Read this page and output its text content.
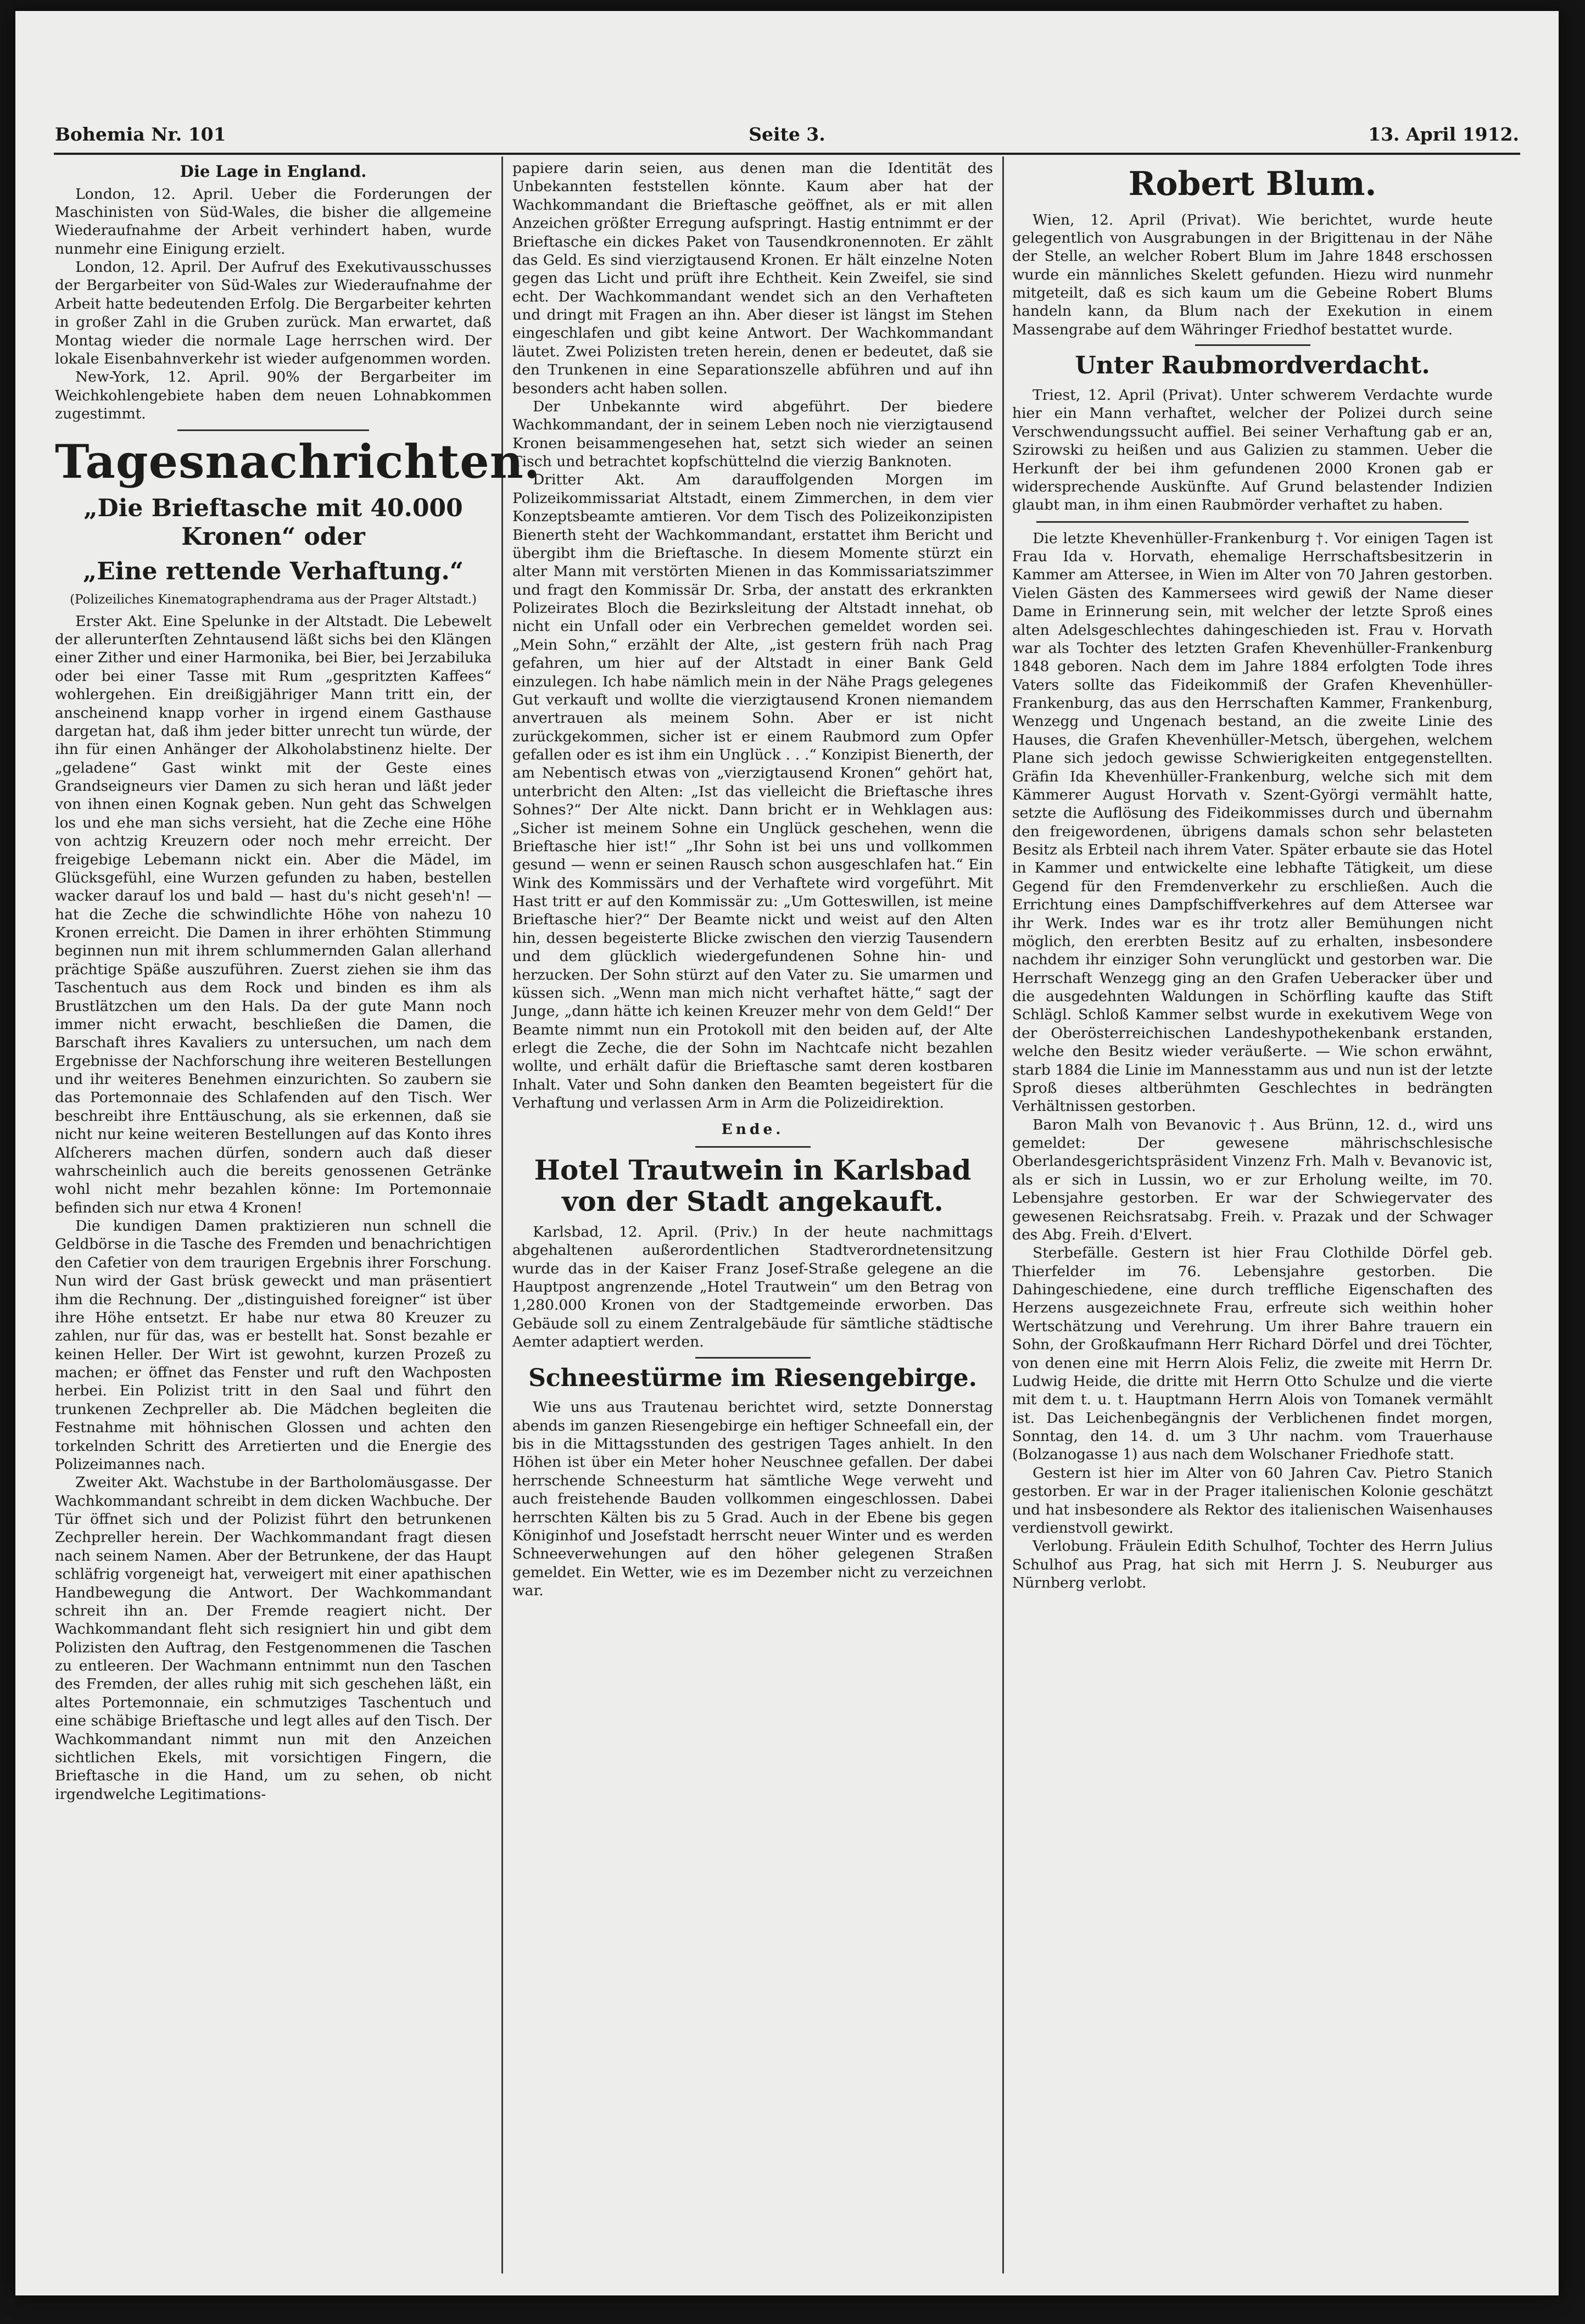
Bohemia Nr. 101	Seite 3.	13. April 1912.
Die Lage in England.

London, 12. April. Ueber die Forderungen der Maschinisten von Süd-Wales, die bisher die allgemeine Wiederaufnahme der Arbeit verhindert haben, wurde nunmehr eine Einigung erzielt.

London, 12. April. Der Aufruf des Exekutivausschusses der Bergarbeiter von Süd-Wales zur Wiederaufnahme der Arbeit hatte bedeutenden Erfolg. Die Bergarbeiter kehrten in großer Zahl in die Gruben zurück. Man erwartet, daß Montag wieder die normale Lage herrschen wird. Der lokale Eisenbahnverkehr ist wieder aufgenommen worden.

New-York, 12. April. 90% der Bergarbeiter im Weichkohlengebiete haben dem neuen Lohnabkommen zugestimmt.

Tagesnachrichten.
„Die Brieftasche mit 40.000 Kronen“ oder
„Eine rettende Verhaftung.“
(Polizeiliches Kinematographendrama aus der Prager Altstadt.)

Erster Akt. Eine Spelunke in der Altstadt. Die Lebewelt der allerunterſten Zehntausend läßt sichs bei den Klängen einer Zither und einer Harmonika, bei Bier, bei Jerzabiluka oder bei einer Tasse mit Rum „gespritzten Kaffees“ wohlergehen. Ein dreißigjähriger Mann tritt ein, der anscheinend knapp vorher in irgend einem Gasthause dargetan hat, daß ihm jeder bitter unrecht tun würde, der ihn für einen Anhänger der Alkoholabstinenz hielte. Der „geladene“ Gast winkt mit der Geste eines Grandseigneurs vier Damen zu sich heran und läßt jeder von ihnen einen Kognak geben. Nun geht das Schwelgen los und ehe man sichs versieht, hat die Zeche eine Höhe von achtzig Kreuzern oder noch mehr erreicht. Der freigebige Lebemann nickt ein. Aber die Mädel, im Glücksgefühl, eine Wurzen gefunden zu haben, bestellen wacker darauf los und bald — hast du's nicht geseh'n! — hat die Zeche die schwindlichte Höhe von nahezu 10 Kronen erreicht. Die Damen in ihrer erhöhten Stimmung beginnen nun mit ihrem schlummernden Galan allerhand prächtige Späße auszuführen. Zuerst ziehen sie ihm das Taschentuch aus dem Rock und binden es ihm als Brustlätzchen um den Hals. Da der gute Mann noch immer nicht erwacht, beschließen die Damen, die Barschaft ihres Kavaliers zu untersuchen, um nach dem Ergebnisse der Nachforschung ihre weiteren Bestellungen und ihr weiteres Benehmen einzurichten. So zaubern sie das Portemonnaie des Schlafenden auf den Tisch. Wer beschreibt ihre Enttäuschung, als sie erkennen, daß sie nicht nur keine weiteren Bestellungen auf das Konto ihres Alſcherers machen dürfen, sondern auch daß dieser wahrscheinlich auch die bereits genossenen Getränke wohl nicht mehr bezahlen könne: Im Portemonnaie befinden sich nur etwa 4 Kronen!

Die kundigen Damen praktizieren nun schnell die Geldbörse in die Tasche des Fremden und benachrichtigen den Cafetier von dem traurigen Ergebnis ihrer Forschung. Nun wird der Gast brüsk geweckt und man präsentiert ihm die Rechnung. Der „distinguished foreigner“ ist über ihre Höhe entsetzt. Er habe nur etwa 80 Kreuzer zu zahlen, nur für das, was er bestellt hat. Sonst bezahle er keinen Heller. Der Wirt ist gewohnt, kurzen Prozeß zu machen; er öffnet das Fenster und ruft den Wachposten herbei. Ein Polizist tritt in den Saal und führt den trunkenen Zechpreller ab. Die Mädchen begleiten die Festnahme mit höhnischen Glossen und achten den torkelnden Schritt des Arretierten und die Energie des Polizeimannes nach.

Zweiter Akt. Wachstube in der Bartholomäusgasse. Der Wachkommandant schreibt in dem dicken Wachbuche. Der Tür öffnet sich und der Polizist führt den betrunkenen Zechpreller herein. Der Wachkommandant fragt diesen nach seinem Namen. Aber der Betrunkene, der das Haupt schläfrig vorgeneigt hat, verweigert mit einer apathischen Handbewegung die Antwort. Der Wachkommandant schreit ihn an. Der Fremde reagiert nicht. Der Wachkommandant fleht sich resigniert hin und gibt dem Polizisten den Auftrag, den Festgenommenen die Taschen zu entleeren. Der Wachmann entnimmt nun den Taschen des Fremden, der alles ruhig mit sich geschehen läßt, ein altes Portemonnaie, ein schmutziges Taschentuch und eine schäbige Brieftasche und legt alles auf den Tisch. Der Wachkommandant nimmt nun mit den Anzeichen sichtlichen Ekels, mit vorsichtigen Fingern, die Brieftasche in die Hand, um zu sehen, ob nicht irgendwelche Legitimations-

papiere darin seien, aus denen man die Identität des Unbekannten feststellen könnte. Kaum aber hat der Wachkommandant die Brieftasche geöffnet, als er mit allen Anzeichen größter Erregung aufspringt. Hastig entnimmt er der Brieftasche ein dickes Paket von Tausendkronennoten. Er zählt das Geld. Es sind vierzigtausend Kronen. Er hält einzelne Noten gegen das Licht und prüft ihre Echtheit. Kein Zweifel, sie sind echt. Der Wachkommandant wendet sich an den Verhafteten und dringt mit Fragen an ihn. Aber dieser ist längst im Stehen eingeschlafen und gibt keine Antwort. Der Wachkommandant läutet. Zwei Polizisten treten herein, denen er bedeutet, daß sie den Trunkenen in eine Separationszelle abführen und auf ihn besonders acht haben sollen.

Der Unbekannte wird abgeführt. Der biedere Wachkommandant, der in seinem Leben noch nie vierzigtausend Kronen beisammengesehen hat, setzt sich wieder an seinen Tisch und betrachtet kopfschüttelnd die vierzig Banknoten.

Dritter Akt. Am darauffolgenden Morgen im Polizeikommissariat Altstadt, einem Zimmerchen, in dem vier Konzeptsbeamte amtieren. Vor dem Tisch des Polizeikonzipisten Bienerth steht der Wachkommandant, erstattet ihm Bericht und übergibt ihm die Brieftasche. In diesem Momente stürzt ein alter Mann mit verstörten Mienen in das Kommissariatszimmer und fragt den Kommissär Dr. Srba, der anstatt des erkrankten Polizeirates Bloch die Bezirksleitung der Altstadt innehat, ob nicht ein Unfall oder ein Verbrechen gemeldet worden sei. „Mein Sohn,“ erzählt der Alte, „ist gestern früh nach Prag gefahren, um hier auf der Altstadt in einer Bank Geld einzulegen. Ich habe nämlich mein in der Nähe Prags gelegenes Gut verkauft und wollte die vierzigtausend Kronen niemandem anvertrauen als meinem Sohn. Aber er ist nicht zurückgekommen, sicher ist er einem Raubmord zum Opfer gefallen oder es ist ihm ein Unglück . . .“ Konzipist Bienerth, der am Nebentisch etwas von „vierzigtausend Kronen“ gehört hat, unterbricht den Alten: „Ist das vielleicht die Brieftasche ihres Sohnes?“ Der Alte nickt. Dann bricht er in Wehklagen aus: „Sicher ist meinem Sohne ein Unglück geschehen, wenn die Brieftasche hier ist!“ „Ihr Sohn ist bei uns und vollkommen gesund — wenn er seinen Rausch schon ausgeschlafen hat.“ Ein Wink des Kommissärs und der Verhaftete wird vorgeführt. Mit Hast tritt er auf den Kommissär zu: „Um Gotteswillen, ist meine Brieftasche hier?“ Der Beamte nickt und weist auf den Alten hin, dessen begeisterte Blicke zwischen den vierzig Tausendern und dem glücklich wiedergefundenen Sohne hin- und herzucken. Der Sohn stürzt auf den Vater zu. Sie umarmen und küssen sich. „Wenn man mich nicht verhaftet hätte,“ sagt der Junge, „dann hätte ich keinen Kreuzer mehr von dem Geld!“ Der Beamte nimmt nun ein Protokoll mit den beiden auf, der Alte erlegt die Zeche, die der Sohn im Nachtcafe nicht bezahlen wollte, und erhält dafür die Brieftasche samt deren kostbaren Inhalt. Vater und Sohn danken den Beamten begeistert für die Verhaftung und verlassen Arm in Arm die Polizeidirektion.

Ende.
Hotel Trautwein in Karlsbad von der Stadt angekauft.

Karlsbad, 12. April. (Priv.) In der heute nachmittags abgehaltenen außerordentlichen Stadtverordnetensitzung wurde das in der Kaiser Franz Josef-Straße gelegene an die Hauptpost angrenzende „Hotel Trautwein“ um den Betrag von 1,280.000 Kronen von der Stadtgemeinde erworben. Das Gebäude soll zu einem Zentralgebäude für sämtliche städtische Aemter adaptiert werden.

Schneestürme im Riesengebirge.

Wie uns aus Trautenau berichtet wird, setzte Donnerstag abends im ganzen Riesengebirge ein heftiger Schneefall ein, der bis in die Mittagsstunden des gestrigen Tages anhielt. In den Höhen ist über ein Meter hoher Neuschnee gefallen. Der dabei herrschende Schneesturm hat sämtliche Wege verweht und auch freistehende Bauden vollkommen eingeschlossen. Dabei herrschten Kälten bis zu 5 Grad. Auch in der Ebene bis gegen Königinhof und Josefstadt herrscht neuer Winter und es werden Schneeverwehungen auf den höher gelegenen Straßen gemeldet. Ein Wetter, wie es im Dezember nicht zu verzeichnen war.

Robert Blum.

Wien, 12. April (Privat). Wie berichtet, wurde heute gelegentlich von Ausgrabungen in der Brigittenau in der Nähe der Stelle, an welcher Robert Blum im Jahre 1848 erschossen wurde ein männliches Skelett gefunden. Hiezu wird nunmehr mitgeteilt, daß es sich kaum um die Gebeine Robert Blums handeln kann, da Blum nach der Exekution in einem Massengrabe auf dem Währinger Friedhof bestattet wurde.

Unter Raubmordverdacht.

Triest, 12. April (Privat). Unter schwerem Verdachte wurde hier ein Mann verhaftet, welcher der Polizei durch seine Verschwendungssucht auffiel. Bei seiner Verhaftung gab er an, Szirowski zu heißen und aus Galizien zu stammen. Ueber die Herkunft der bei ihm gefundenen 2000 Kronen gab er widersprechende Auskünfte. Auf Grund belastender Indizien glaubt man, in ihm einen Raubmörder verhaftet zu haben.

Die letzte Khevenhüller-Frankenburg †. Vor einigen Tagen ist Frau Ida v. Horvath, ehemalige Herrschaftsbesitzerin in Kammer am Attersee, in Wien im Alter von 70 Jahren gestorben. Vielen Gästen des Kammersees wird gewiß der Name dieser Dame in Erinnerung sein, mit welcher der letzte Sproß eines alten Adelsgeschlechtes dahingeschieden ist. Frau v. Horvath war als Tochter des letzten Grafen Khevenhüller-Frankenburg 1848 geboren. Nach dem im Jahre 1884 erfolgten Tode ihres Vaters sollte das Fideikommiß der Grafen Khevenhüller-Frankenburg, das aus den Herrschaften Kammer, Frankenburg, Wenzegg und Ungenach bestand, an die zweite Linie des Hauses, die Grafen Khevenhüller-Metsch, übergehen, welchem Plane sich jedoch gewisse Schwierigkeiten entgegenstellten. Gräfin Ida Khevenhüller-Frankenburg, welche sich mit dem Kämmerer August Horvath v. Szent-Györgi vermählt hatte, setzte die Auflösung des Fideikommisses durch und übernahm den freigewordenen, übrigens damals schon sehr belasteten Besitz als Erbteil nach ihrem Vater. Später erbaute sie das Hotel in Kammer und entwickelte eine lebhafte Tätigkeit, um diese Gegend für den Fremdenverkehr zu erschließen. Auch die Errichtung eines Dampfschiffverkehres auf dem Attersee war ihr Werk. Indes war es ihr trotz aller Bemühungen nicht möglich, den ererbten Besitz auf zu erhalten, insbesondere nachdem ihr einziger Sohn verunglückt und gestorben war. Die Herrschaft Wenzegg ging an den Grafen Ueberacker über und die ausgedehnten Waldungen in Schörfling kaufte das Stift Schlägl. Schloß Kammer selbst wurde in exekutivem Wege von der Oberösterreichischen Landeshypothekenbank erstanden, welche den Besitz wieder veräußerte. — Wie schon erwähnt, starb 1884 die Linie im Mannesstamm aus und nun ist der letzte Sproß dieses altberühmten Geschlechtes in bedrängten Verhältnissen gestorben.

Baron Malh von Bevanovic †. Aus Brünn, 12. d., wird uns gemeldet: Der gewesene mährischschlesische Oberlandesgerichtspräsident Vinzenz Frh. Malh v. Bevanovic ist, als er sich in Lussin, wo er zur Erholung weilte, im 70. Lebensjahre gestorben. Er war der Schwiegervater des gewesenen Reichsratsabg. Freih. v. Prazak und der Schwager des Abg. Freih. d'Elvert.

Sterbefälle. Gestern ist hier Frau Clothilde Dörfel geb. Thierfelder im 76. Lebensjahre gestorben. Die Dahingeschiedene, eine durch treffliche Eigenschaften des Herzens ausgezeichnete Frau, erfreute sich weithin hoher Wertschätzung und Verehrung. Um ihrer Bahre trauern ein Sohn, der Großkaufmann Herr Richard Dörfel und drei Töchter, von denen eine mit Herrn Alois Feliz, die zweite mit Herrn Dr. Ludwig Heide, die dritte mit Herrn Otto Schulze und die vierte mit dem t. u. t. Hauptmann Herrn Alois von Tomanek vermählt ist. Das Leichenbegängnis der Verblichenen findet morgen, Sonntag, den 14. d. um 3 Uhr nachm. vom Trauerhause (Bolzanogasse 1) aus nach dem Wolschaner Friedhofe statt.

Gestern ist hier im Alter von 60 Jahren Cav. Pietro Stanich gestorben. Er war in der Prager italienischen Kolonie geschätzt und hat insbesondere als Rektor des italienischen Waisenhauses verdienstvoll gewirkt.

Verlobung. Fräulein Edith Schulhof, Tochter des Herrn Julius Schulhof aus Prag, hat sich mit Herrn J. S. Neuburger aus Nürnberg verlobt.
